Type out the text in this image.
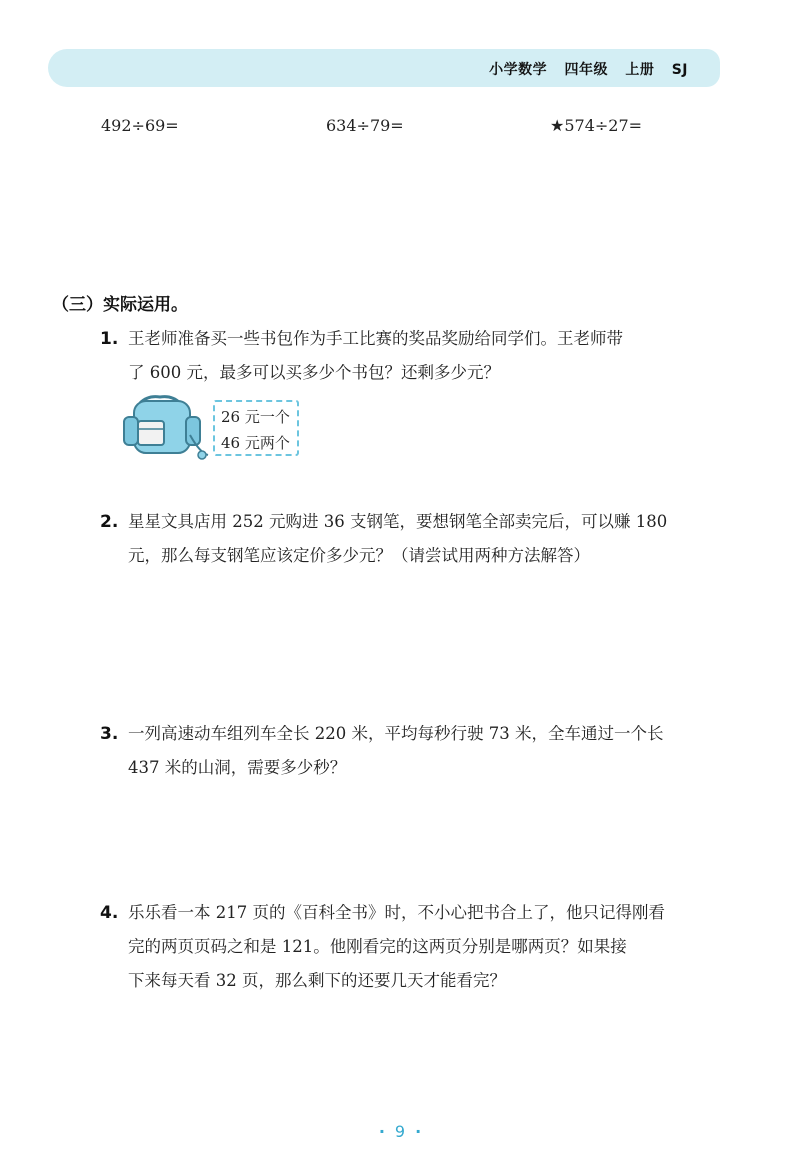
小学数学 四年级 上册 SJ
492÷69=	634÷79=	★574÷27=
（三）实际运用。
1. 王老师准备买一些书包作为手工比赛的奖品奖励给同学们。王老师带
了 600 元，最多可以买多少个书包？还剩多少元？
26 元一个
46 元两个
2. 星星文具店用 252 元购进 36 支钢笔，要想钢笔全部卖完后，可以赚 180
元，那么每支钢笔应该定价多少元？（请尝试用两种方法解答）
3. 一列高速动车组列车全长 220 米，平均每秒行驶 73 米，全车通过一个长
437 米的山洞，需要多少秒？
4. 乐乐看一本 217 页的《百科全书》时，不小心把书合上了，他只记得刚看
完的两页页码之和是 121。他刚看完的这两页分别是哪两页？如果接
下来每天看 32 页，那么剩下的还要几天才能看完？
· 9 ·
